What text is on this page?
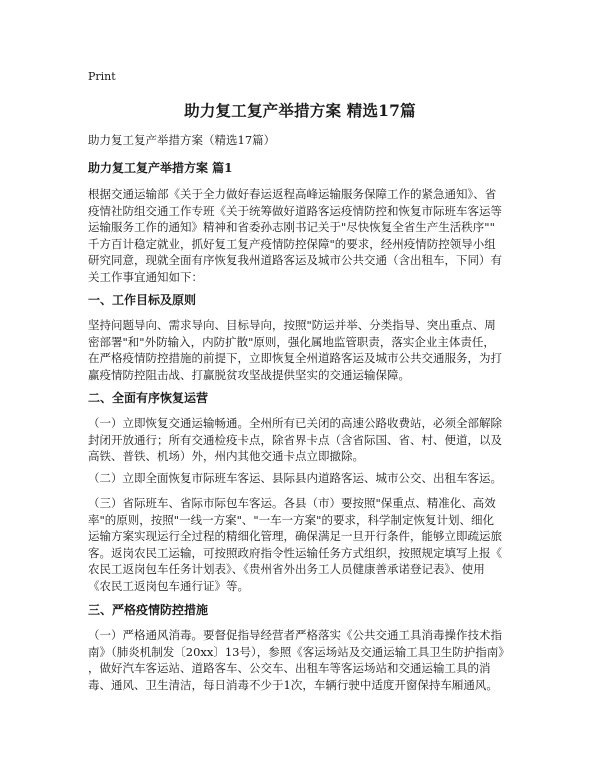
Print
助力复工复产举措方案 精选17篇
助力复工复产举措方案（精选17篇）
助力复工复产举措方案 篇1
根据交通运输部《关于全力做好春运返程高峰运输服务保障工作的紧急通知》、省
疫情社防组交通工作专班《关于统筹做好道路客运疫情防控和恢复市际班车客运等
运输服务工作的通知》精神和省委孙志刚书记关于"尽快恢复全省生产生活秩序""
千方百计稳定就业，抓好复工复产疫情防控保障"的要求，经州疫情防控领导小组
研究同意，现就全面有序恢复我州道路客运及城市公共交通（含出租车，下同）有
关工作事宜通知如下：
一、工作目标及原则
坚持问题导向、需求导向、目标导向，按照"防运并举、分类指导、突出重点、周
密部署"和"外防输入，内防扩散"原则，强化属地监管职责，落实企业主体责任，
在严格疫情防控措施的前提下，立即恢复全州道路客运及城市公共交通服务，为打
赢疫情防控阻击战、打赢脱贫攻坚战提供坚实的交通运输保障。
二、全面有序恢复运营
（一）立即恢复交通运输畅通。全州所有已关闭的高速公路收费站，必须全部解除
封闭开放通行；所有交通检疫卡点，除省界卡点（含省际国、省、村、便道，以及
高铁、普铁、机场）外，州内其他交通卡点立即撤除。
（二）立即全面恢复市际班车客运、县际县内道路客运、城市公交、出租车客运。
（三）省际班车、省际市际包车客运。各县（市）要按照"保重点、精准化、高效
率"的原则，按照"一线一方案"、"一车一方案"的要求，科学制定恢复计划、细化
运输方案实现运行全过程的精细化管理，确保满足一旦开行条件，能够立即疏运旅
客。返岗农民工运输，可按照政府指令性运输任务方式组织，按照规定填写上报《
农民工返岗包车任务计划表》、《贵州省外出务工人员健康善承诺登记表》、使用
《农民工返岗包车通行证》等。
三、严格疫情防控措施
（一）严格通风消毒。要督促指导经营者严格落实《公共交通工具消毒操作技术指
南》（肺炎机制发〔20xx〕13号），参照《客运场站及交通运输工具卫生防护指南》
，做好汽车客运站、道路客车、公交车、出租车等客运场站和交通运输工具的消
毒、通风、卫生清洁，每日消毒不少于1次，车辆行驶中适度开窗保持车厢通风。
